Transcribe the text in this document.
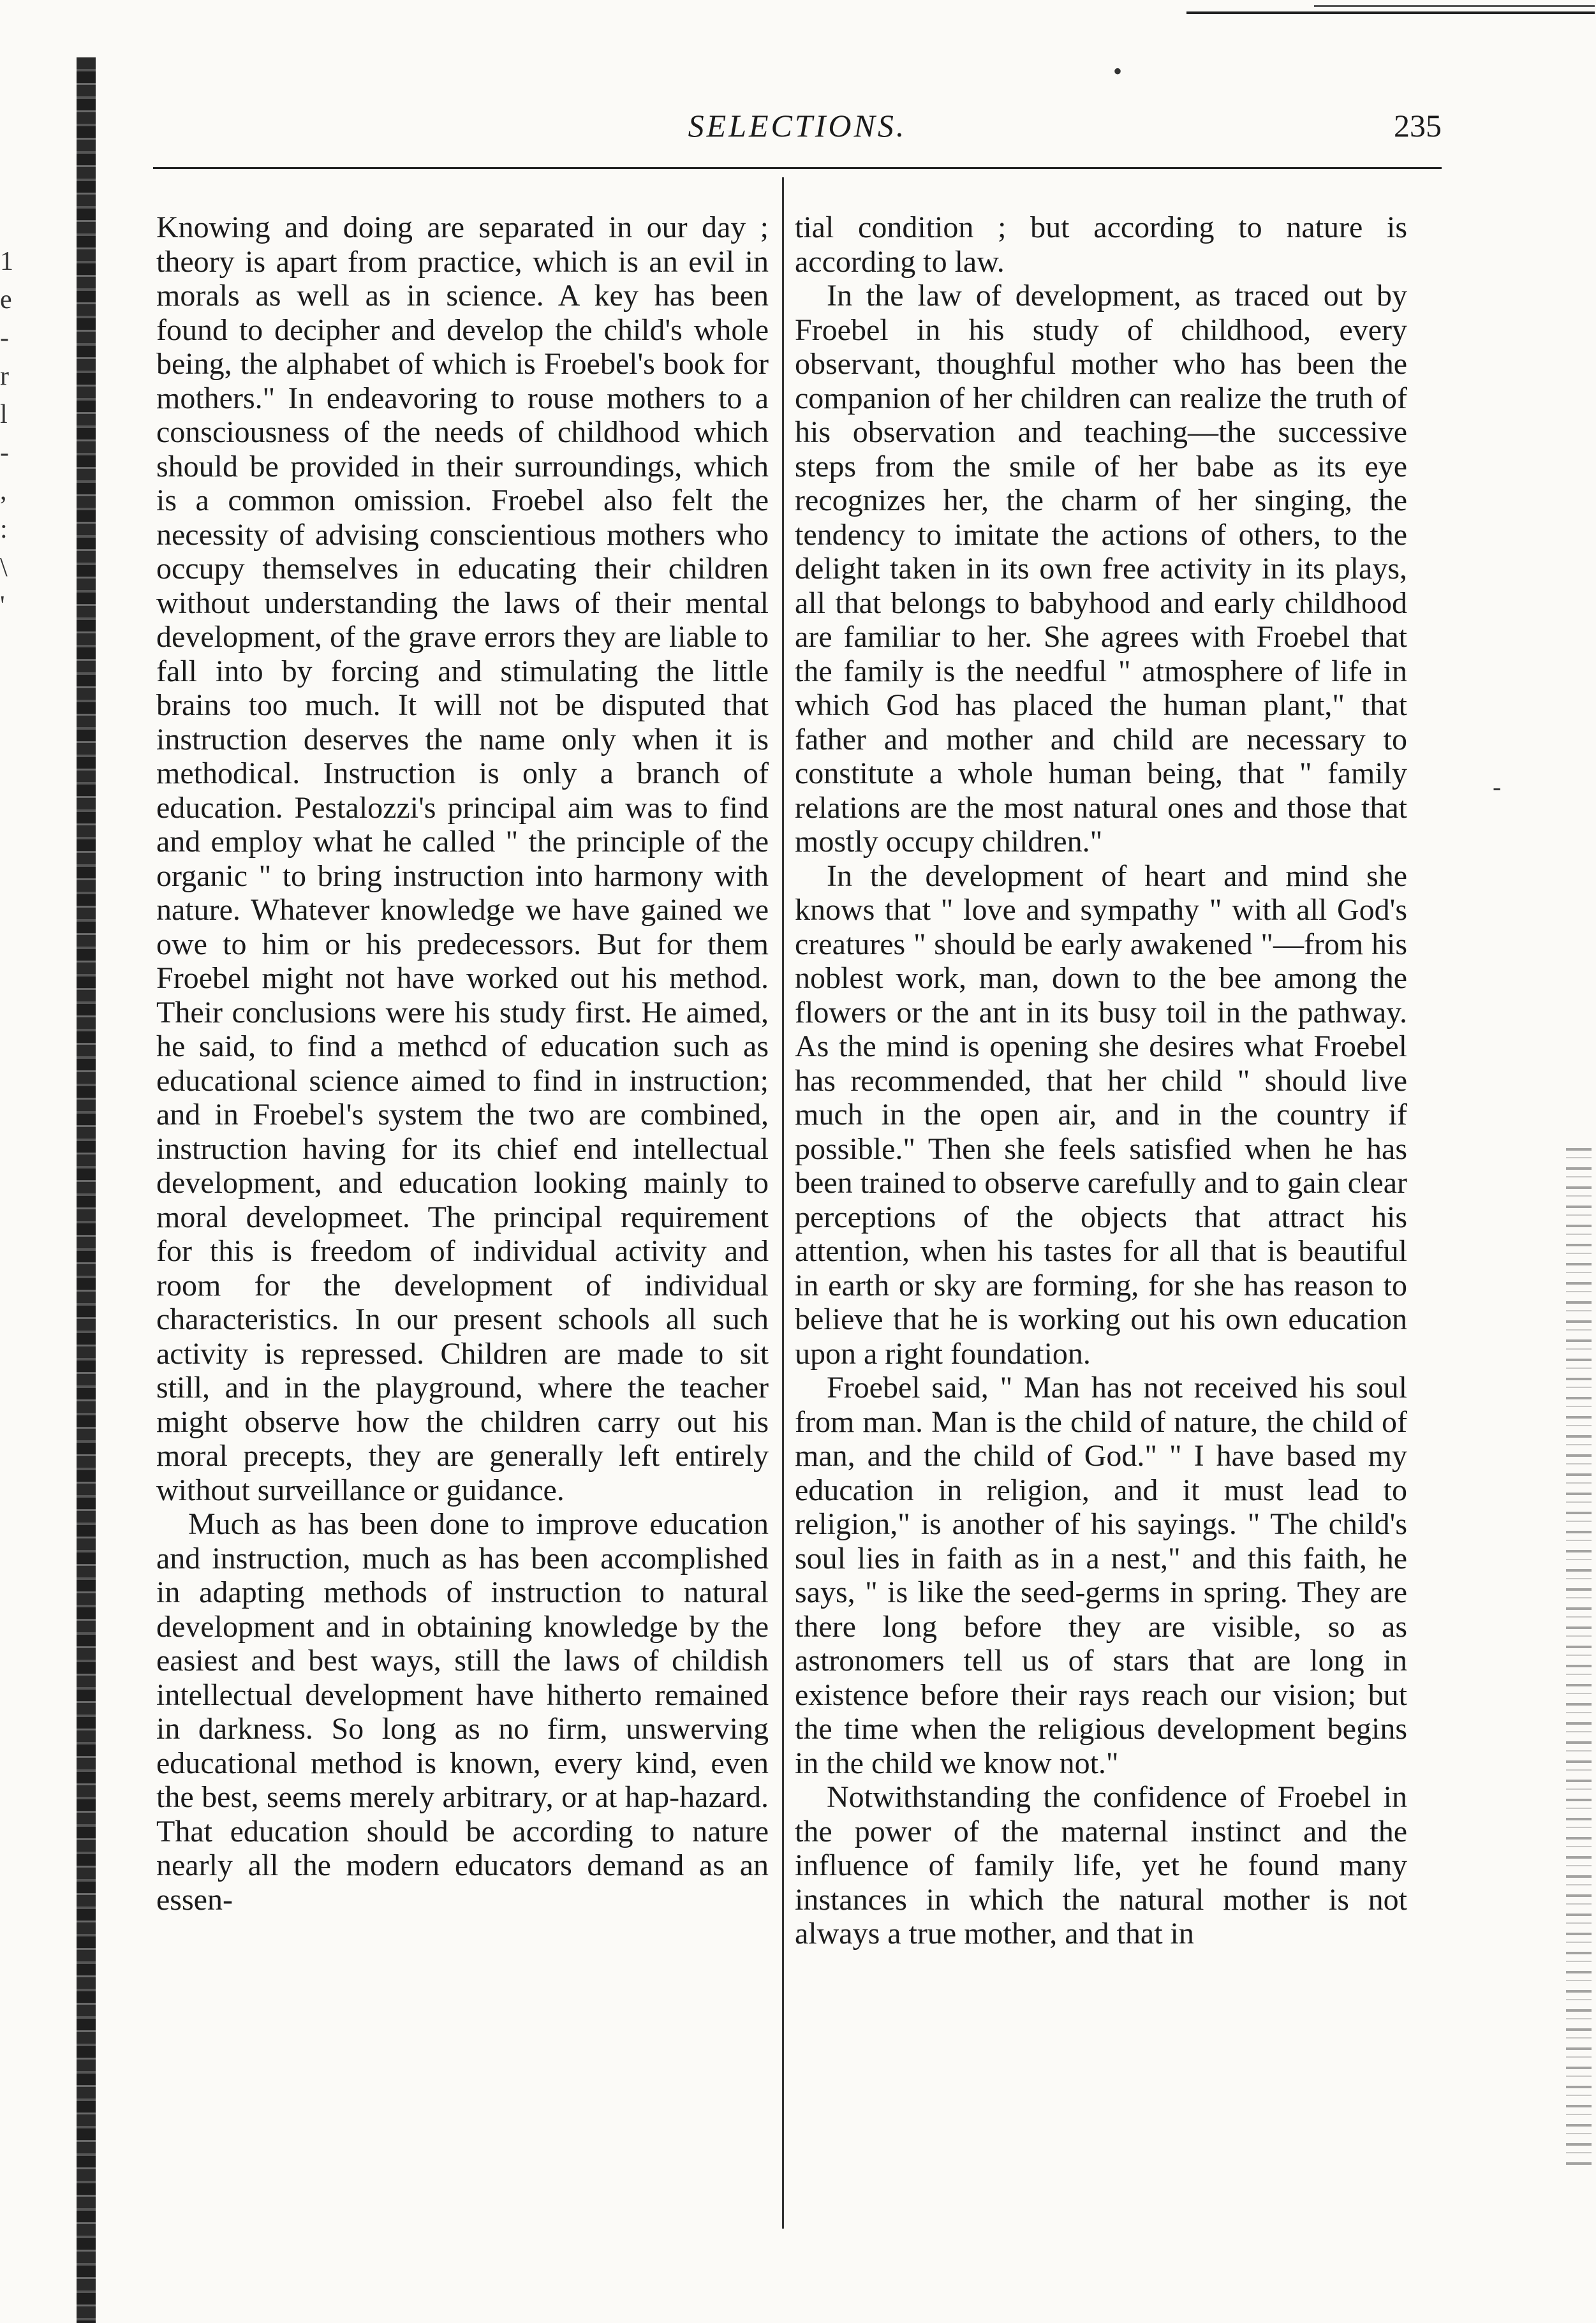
1
e
-
r
l
-
,
:
\
'
SELECTIONS.	235

Knowing and doing are separated in our day ; theory is apart from practice, which is an evil in morals as well as in science. A key has been found to decipher and develop the child's whole being, the alphabet of which is Froebel's book for mothers." In endeavoring to rouse mothers to a consciousness of the needs of childhood which should be provided in their surroundings, which is a common omission. Froebel also felt the necessity of advising conscientious mothers who occupy themselves in educating their children without understanding the laws of their mental development, of the grave errors they are liable to fall into by forcing and stimulating the little brains too much. It will not be disputed that instruction deserves the name only when it is methodical. Instruction is only a branch of education. Pestalozzi's principal aim was to find and employ what he called " the principle of the organic " to bring instruction into harmony with nature. Whatever knowledge we have gained we owe to him or his predecessors. But for them Froebel might not have worked out his method. Their conclusions were his study first. He aimed, he said, to find a methcd of education such as educational science aimed to find in instruction; and in Froebel's system the two are combined, instruction having for its chief end intellectual development, and education looking mainly to moral developmeet. The principal requirement for this is freedom of individual activity and room for the development of individual characteristics. In our present schools all such activity is repressed. Children are made to sit still, and in the playground, where the teacher might observe how the children carry out his moral precepts, they are generally left entirely without surveillance or guidance.

Much as has been done to improve education and instruction, much as has been accomplished in adapting methods of instruction to natural development and in obtaining knowledge by the easiest and best ways, still the laws of childish intellectual development have hitherto remained in darkness. So long as no firm, unswerving educational method is known, every kind, even the best, seems merely arbitrary, or at hap-hazard. That education should be according to nature nearly all the modern educators demand as an essen-

tial condition ; but according to nature is according to law.

In the law of development, as traced out by Froebel in his study of childhood, every observant, thoughful mother who has been the companion of her children can realize the truth of his observation and teaching—the successive steps from the smile of her babe as its eye recognizes her, the charm of her singing, the tendency to imitate the actions of others, to the delight taken in its own free activity in its plays, all that belongs to babyhood and early childhood are familiar to her. She agrees with Froebel that the family is the needful " atmosphere of life in which God has placed the human plant," that father and mother and child are necessary to constitute a whole human being, that " family relations are the most natural ones and those that mostly occupy children."

In the development of heart and mind she knows that " love and sympathy " with all God's creatures " should be early awakened "—from his noblest work, man, down to the bee among the flowers or the ant in its busy toil in the pathway. As the mind is opening she desires what Froebel has recommended, that her child " should live much in the open air, and in the country if possible." Then she feels satisfied when he has been trained to observe carefully and to gain clear perceptions of the objects that attract his attention, when his tastes for all that is beautiful in earth or sky are forming, for she has reason to believe that he is working out his own education upon a right foundation.

Froebel said, " Man has not received his soul from man. Man is the child of nature, the child of man, and the child of God." " I have based my education in religion, and it must lead to religion," is another of his sayings. " The child's soul lies in faith as in a nest," and this faith, he says, " is like the seed-germs in spring. They are there long before they are visible, so as astronomers tell us of stars that are long in existence before their rays reach our vision; but the time when the religious development begins in the child we know not."

Notwithstanding the confidence of Froebel in the power of the maternal instinct and the influence of family life, yet he found many instances in which the natural mother is not always a true mother, and that in

•
-
